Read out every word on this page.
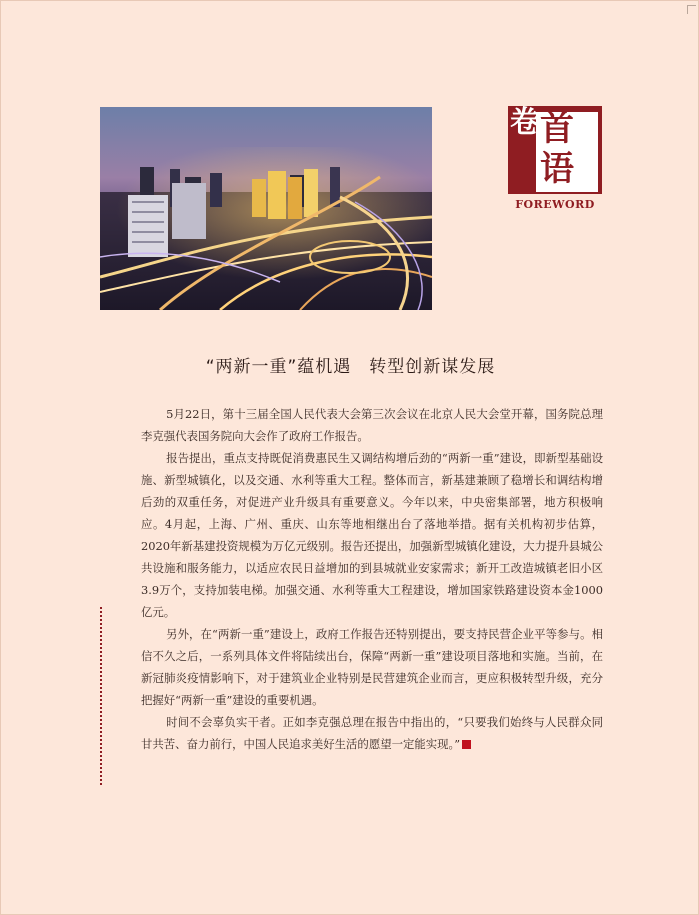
卷 首
语
FOREWORD
“两新一重”蕴机遇　转型创新谋发展

5月22日，第十三届全国人民代表大会第三次会议在北京人民大会堂开幕，国务院总理李克强代表国务院向大会作了政府工作报告。

报告提出，重点支持既促消费惠民生又调结构增后劲的“两新一重”建设，即新型基础设施、新型城镇化，以及交通、水利等重大工程。整体而言，新基建兼顾了稳增长和调结构增后劲的双重任务，对促进产业升级具有重要意义。今年以来，中央密集部署，地方积极响应。4月起，上海、广州、重庆、山东等地相继出台了落地举措。据有关机构初步估算，2020年新基建投资规模为万亿元级别。报告还提出，加强新型城镇化建设，大力提升县城公共设施和服务能力，以适应农民日益增加的到县城就业安家需求；新开工改造城镇老旧小区3.9万个，支持加装电梯。加强交通、水利等重大工程建设，增加国家铁路建设资本金1000亿元。

另外，在“两新一重”建设上，政府工作报告还特别提出，要支持民营企业平等参与。相信不久之后，一系列具体文件将陆续出台，保障“两新一重”建设项目落地和实施。当前，在新冠肺炎疫情影响下，对于建筑业企业特别是民营建筑企业而言，更应积极转型升级，充分把握好“两新一重”建设的重要机遇。

时间不会辜负实干者。正如李克强总理在报告中指出的，“只要我们始终与人民群众同甘共苦、奋力前行，中国人民追求美好生活的愿望一定能实现。”
